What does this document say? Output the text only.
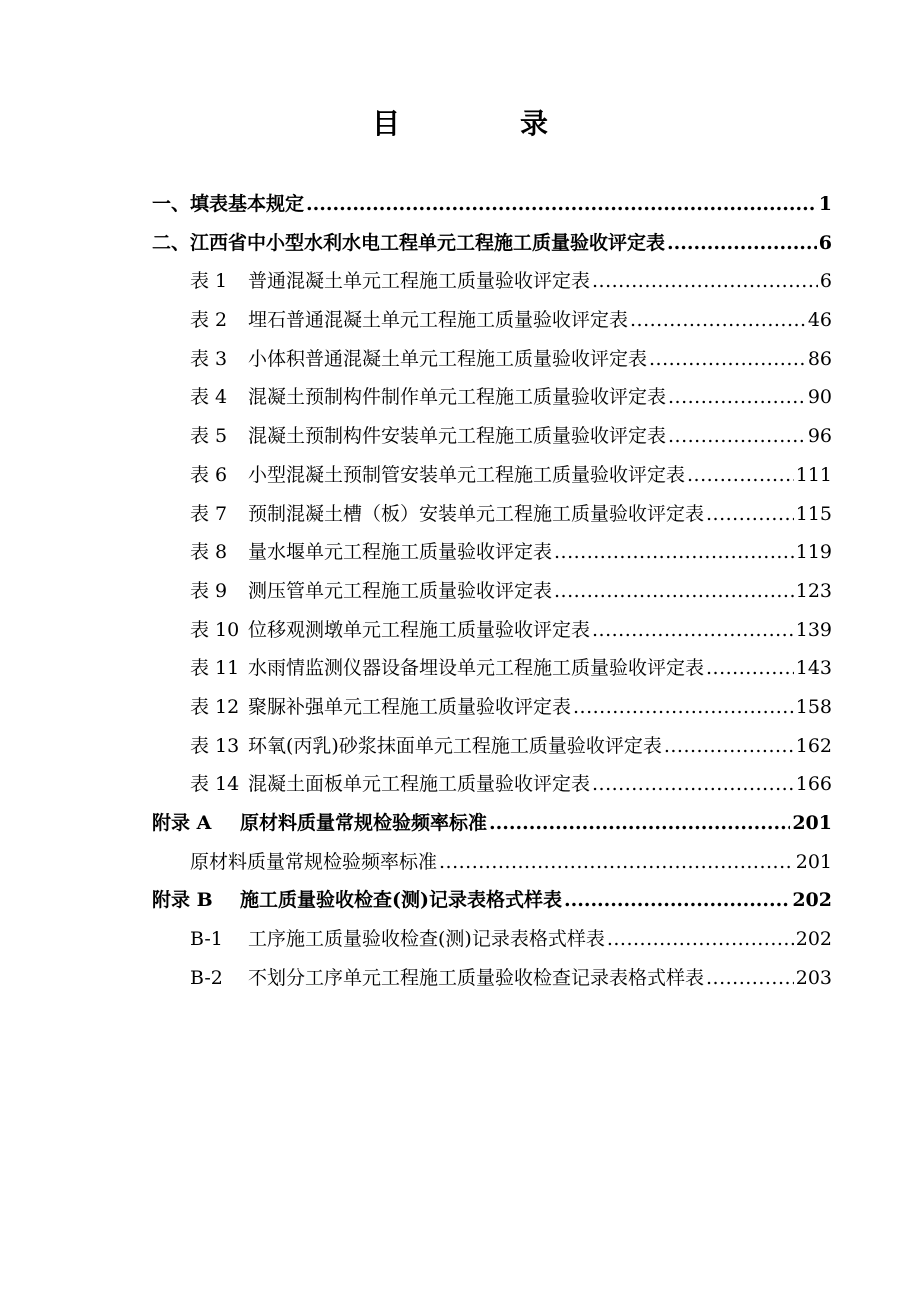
目　录
一、填表基本规定 .....	1
二、江西省中小型水利水电工程单元工程施工质量验收评定表 .....	6
表 1	普通混凝土单元工程施工质量验收评定表 .....	6
表 2	埋石普通混凝土单元工程施工质量验收评定表 .....	46
表 3	小体积普通混凝土单元工程施工质量验收评定表 .....	86
表 4	混凝土预制构件制作单元工程施工质量验收评定表 .....	90
表 5	混凝土预制构件安装单元工程施工质量验收评定表 .....	96
表 6	小型混凝土预制管安装单元工程施工质量验收评定表 .....	111
表 7	预制混凝土槽（板）安装单元工程施工质量验收评定表 .....	115
表 8	量水堰单元工程施工质量验收评定表 .....	119
表 9	测压管单元工程施工质量验收评定表 .....	123
表 10 位移观测墩单元工程施工质量验收评定表 .....	139
表 11 水雨情监测仪器设备埋设单元工程施工质量验收评定表 .....	143
表 12 聚脲补强单元工程施工质量验收评定表 .....	158
表 13 环氧(丙乳)砂浆抹面单元工程施工质量验收评定表 .....	162
表 14 混凝土面板单元工程施工质量验收评定表 .....	166
附录 A	原材料质量常规检验频率标准 .....	201
原材料质量常规检验频率标准 .....	201
附录 B	施工质量验收检查(测)记录表格式样表 .....	202
B-1	工序施工质量验收检查(测)记录表格式样表 .....	202
B-2	不划分工序单元工程施工质量验收检查记录表格式样表 .....	203
